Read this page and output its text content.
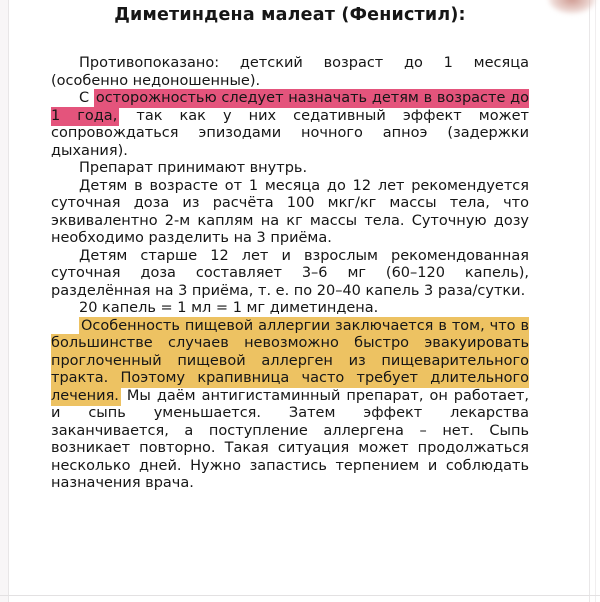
Диметиндена малеат (Фенистил):

Противопоказано: детский возраст до 1 месяца (особенно недоношенные).

С осторожностью следует назначать детям в возрасте до 1 года, так как у них седативный эффект может сопровождаться эпизодами ночного апноэ (задержки дыхания).

Препарат принимают внутрь.

Детям в возрасте от 1 месяца до 12 лет рекомендуется суточная доза из расчёта 100 мкг/кг массы тела, что эквивалентно 2-м каплям на кг массы тела. Суточную дозу необходимо разделить на 3 приёма.

Детям старше 12 лет и взрослым рекомендованная суточная доза составляет 3–6 мг (60–120 капель), разделённая на 3 приёма, т. е. по 20–40 капель 3 раза/сутки.

20 капель = 1 мл = 1 мг диметиндена.

Особенность пищевой аллергии заключается в том, что в большинстве случаев невозможно быстро эвакуировать проглоченный пищевой аллерген из пищеварительного тракта. Поэтому крапивница часто требует длительного лечения. Мы даём антигистаминный препарат, он работает, и сыпь уменьшается. Затем эффект лекарства заканчивается, а поступление аллергена – нет. Сыпь возникает повторно. Такая ситуация может продолжаться несколько дней. Нужно запастись терпением и соблюдать назначения врача.
